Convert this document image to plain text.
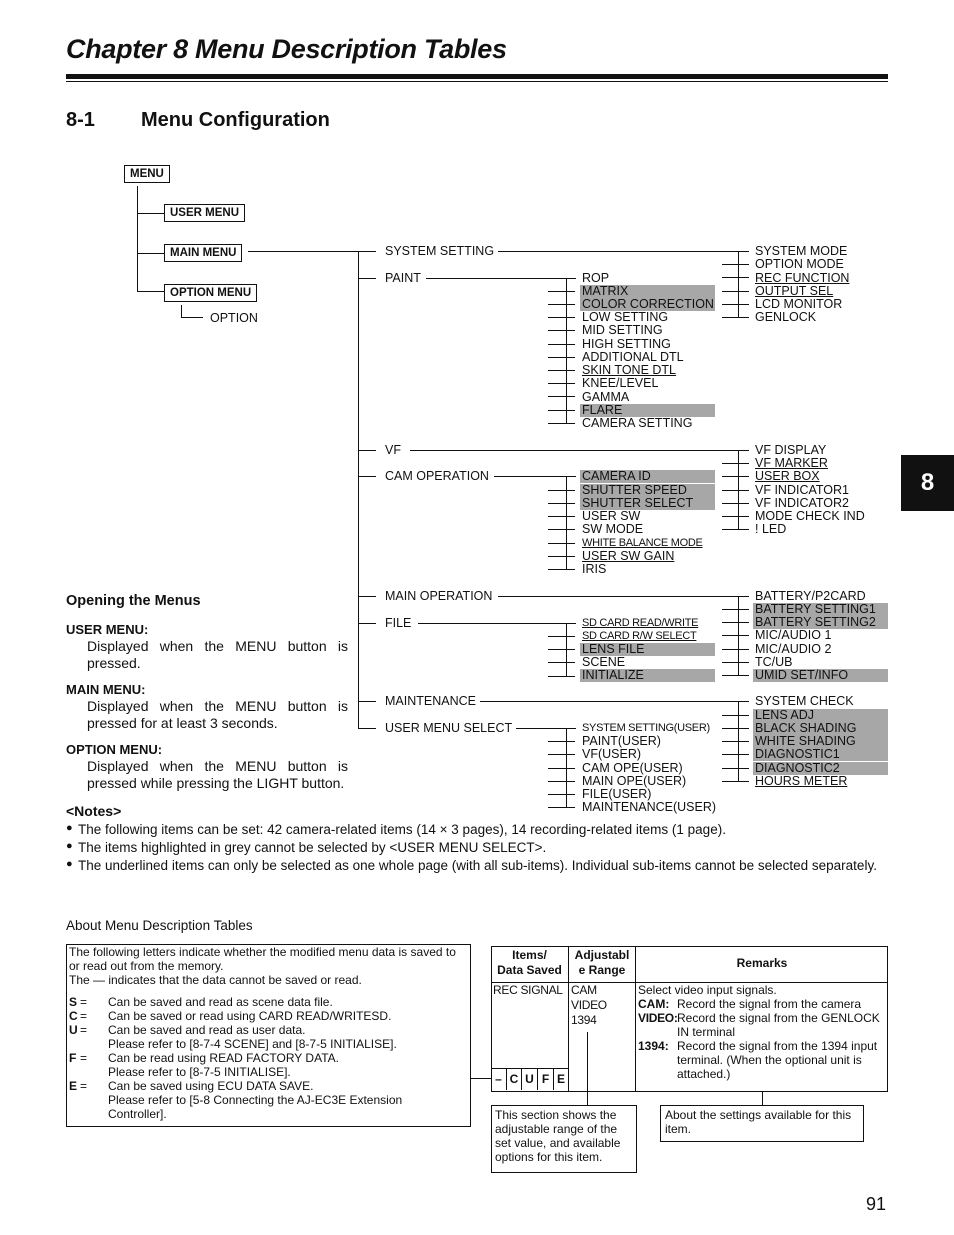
Chapter 8 Menu Description Tables
8-1 Menu Configuration
8
MENU
USER MENU
MAIN MENU
OPTION MENU
OPTION
SYSTEM SETTING
PAINT
VF
CAM OPERATION
MAIN OPERATION
FILE
MAINTENANCE
USER MENU SELECT
SYSTEM MODE
OPTION MODE
REC FUNCTION
OUTPUT SEL
LCD MONITOR
GENLOCK
ROP
MATRIX
COLOR CORRECTION
LOW SETTING
MID SETTING
HIGH SETTING
ADDITIONAL DTL
SKIN TONE DTL
KNEE/LEVEL
GAMMA
FLARE
CAMERA SETTING
VF DISPLAY
VF MARKER
USER BOX
VF INDICATOR1
VF INDICATOR2
MODE CHECK IND
! LED
CAMERA ID
SHUTTER SPEED
SHUTTER SELECT
USER SW
SW MODE
WHITE BALANCE MODE
USER SW GAIN
IRIS
BATTERY/P2CARD
BATTERY SETTING1
BATTERY SETTING2
MIC/AUDIO 1
MIC/AUDIO 2
TC/UB
UMID SET/INFO
SD CARD READ/WRITE
SD CARD R/W SELECT
LENS FILE
SCENE
INITIALIZE
SYSTEM CHECK
LENS ADJ
BLACK SHADING
WHITE SHADING
DIAGNOSTIC1
DIAGNOSTIC2
HOURS METER
SYSTEM SETTING(USER)
PAINT(USER)
VF(USER)
CAM OPE(USER)
MAIN OPE(USER)
FILE(USER)
MAINTENANCE(USER)
Opening the Menus
USER MENU:
Displayed when the MENU button is pressed.
MAIN MENU:
Displayed when the MENU button is pressed for at least 3 seconds.
OPTION MENU:
Displayed when the MENU button is pressed while pressing the LIGHT button.
<Notes>
● The following items can be set: 42 camera-related items (14 × 3 pages), 14 recording-related items (1 page).
● The items highlighted in grey cannot be selected by <USER MENU SELECT>.
● The underlined items can only be selected as one whole page (with all sub-items). Individual sub-items cannot be selected separately.
About Menu Description Tables
The following letters indicate whether the modified menu data is saved to
or read out from the memory.
The — indicates that the data cannot be saved or read.
S = Can be saved and read as scene data file.
C = Can be saved or read using CARD READ/WRITESD.
U = Can be saved and read as user data.
Please refer to [8-7-4 SCENE] and [8-7-5 INITIALISE].
F = Can be read using READ FACTORY DATA.
Please refer to [8-7-5 INITIALISE].
E = Can be saved using ECU DATA SAVE.
Please refer to [5-8 Connecting the AJ-EC3E Extension
Controller].
Items/
Data Saved
Adjustabl
e Range	Remarks
REC SIGNAL CAM
VIDEO
1394
Select video input signals.
CAM: Record the signal from the camera
VIDEO: Record the signal from the GENLOCK
IN terminal
1394: Record the signal from the 1394 input
terminal. (When the optional unit is
attached.)
– C U F E
This section shows the
adjustable range of the
set value, and available
options for this item.
About the settings available for this
item.
91
